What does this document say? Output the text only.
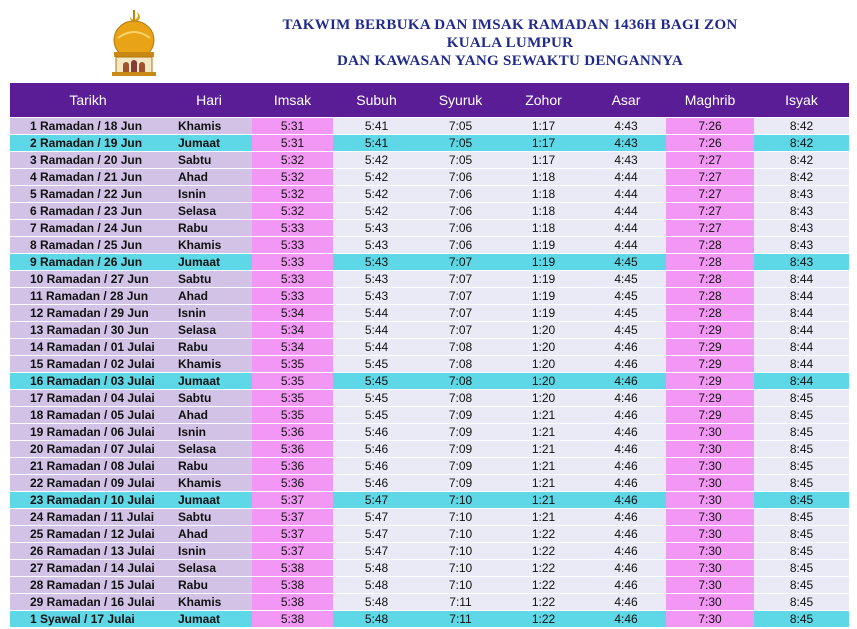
TAKWIM BERBUKA DAN IMSAK RAMADAN 1436H BAGI ZON
KUALA LUMPUR
DAN KAWASAN YANG SEWAKTU DENGANNYA
Tarikh	Hari	Imsak	Subuh	Syuruk	Zohor	Asar	Maghrib	Isyak
1 Ramadan / 18 Jun	Khamis	5:31	5:41	7:05	1:17	4:43	7:26	8:42
2 Ramadan / 19 Jun	Jumaat	5:31	5:41	7:05	1:17	4:43	7:26	8:42
3 Ramadan / 20 Jun	Sabtu	5:32	5:42	7:05	1:17	4:43	7:27	8:42
4 Ramadan / 21 Jun	Ahad	5:32	5:42	7:06	1:18	4:44	7:27	8:42
5 Ramadan / 22 Jun	Isnin	5:32	5:42	7:06	1:18	4:44	7:27	8:43
6 Ramadan / 23 Jun	Selasa	5:32	5:42	7:06	1:18	4:44	7:27	8:43
7 Ramadan / 24 Jun	Rabu	5:33	5:43	7:06	1:18	4:44	7:27	8:43
8 Ramadan / 25 Jun	Khamis	5:33	5:43	7:06	1:19	4:44	7:28	8:43
9 Ramadan / 26 Jun	Jumaat	5:33	5:43	7:07	1:19	4:45	7:28	8:43
10 Ramadan / 27 Jun	Sabtu	5:33	5:43	7:07	1:19	4:45	7:28	8:44
11 Ramadan / 28 Jun	Ahad	5:33	5:43	7:07	1:19	4:45	7:28	8:44
12 Ramadan / 29 Jun	Isnin	5:34	5:44	7:07	1:19	4:45	7:28	8:44
13 Ramadan / 30 Jun	Selasa	5:34	5:44	7:07	1:20	4:45	7:29	8:44
14 Ramadan / 01 Julai	Rabu	5:34	5:44	7:08	1:20	4:46	7:29	8:44
15 Ramadan / 02 Julai	Khamis	5:35	5:45	7:08	1:20	4:46	7:29	8:44
16 Ramadan / 03 Julai	Jumaat	5:35	5:45	7:08	1:20	4:46	7:29	8:44
17 Ramadan / 04 Julai	Sabtu	5:35	5:45	7:08	1:20	4:46	7:29	8:45
18 Ramadan / 05 Julai	Ahad	5:35	5:45	7:09	1:21	4:46	7:29	8:45
19 Ramadan / 06 Julai	Isnin	5:36	5:46	7:09	1:21	4:46	7:30	8:45
20 Ramadan / 07 Julai	Selasa	5:36	5:46	7:09	1:21	4:46	7:30	8:45
21 Ramadan / 08 Julai	Rabu	5:36	5:46	7:09	1:21	4:46	7:30	8:45
22 Ramadan / 09 Julai	Khamis	5:36	5:46	7:09	1:21	4:46	7:30	8:45
23 Ramadan / 10 Julai	Jumaat	5:37	5:47	7:10	1:21	4:46	7:30	8:45
24 Ramadan / 11 Julai	Sabtu	5:37	5:47	7:10	1:21	4:46	7:30	8:45
25 Ramadan / 12 Julai	Ahad	5:37	5:47	7:10	1:22	4:46	7:30	8:45
26 Ramadan / 13 Julai	Isnin	5:37	5:47	7:10	1:22	4:46	7:30	8:45
27 Ramadan / 14 Julai	Selasa	5:38	5:48	7:10	1:22	4:46	7:30	8:45
28 Ramadan / 15 Julai	Rabu	5:38	5:48	7:10	1:22	4:46	7:30	8:45
29 Ramadan / 16 Julai	Khamis	5:38	5:48	7:11	1:22	4:46	7:30	8:45
1 Syawal / 17 Julai	Jumaat	5:38	5:48	7:11	1:22	4:46	7:30	8:45
